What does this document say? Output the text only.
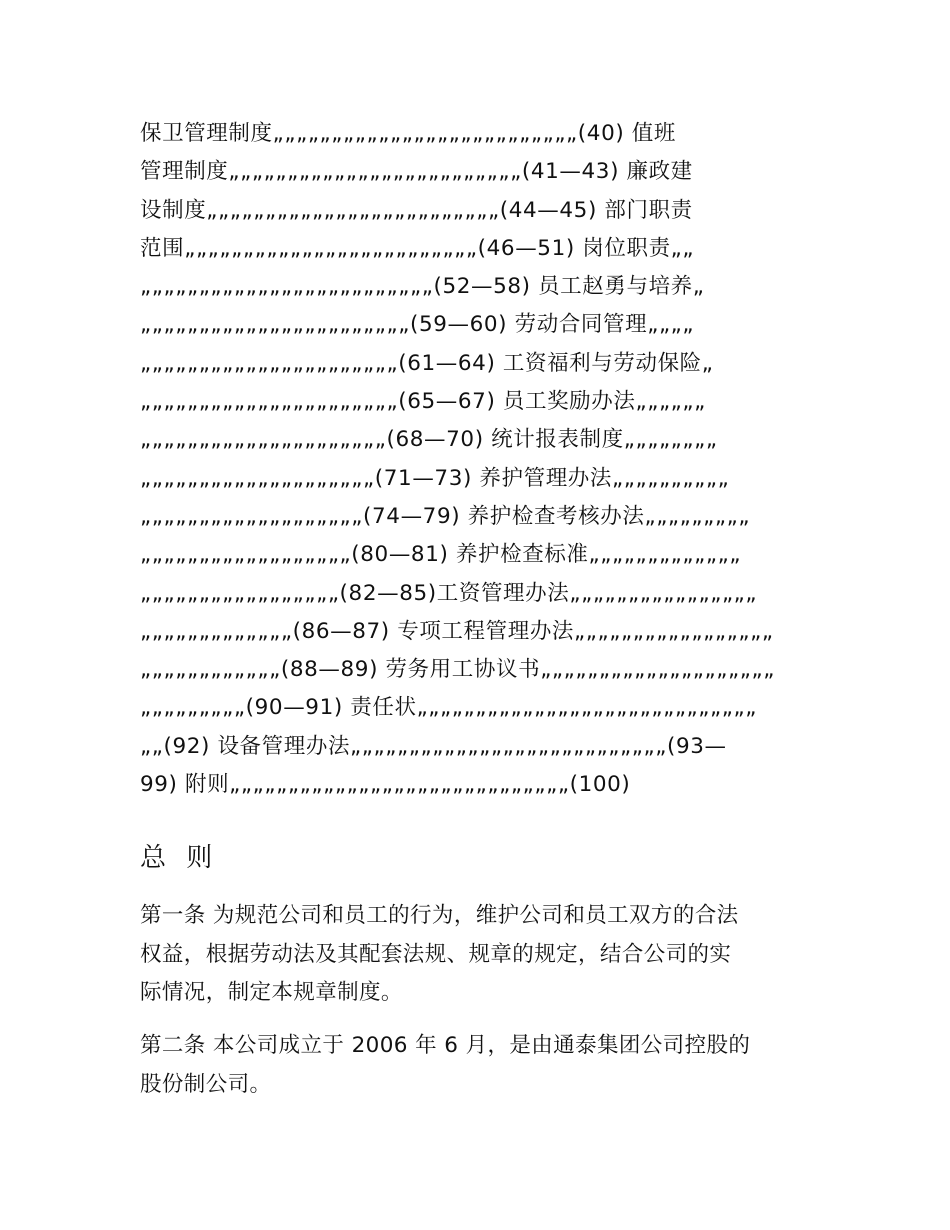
保卫管理制度„„„„„„„„„„„„„„„„„„„„„„„„„„(40) 值班
管理制度„„„„„„„„„„„„„„„„„„„„„„„„„(41—43) 廉政建
设制度„„„„„„„„„„„„„„„„„„„„„„„„„(44—45) 部门职责
范围„„„„„„„„„„„„„„„„„„„„„„„„„(46—51) 岗位职责„„
„„„„„„„„„„„„„„„„„„„„„„„„„(52—58) 员工赵勇与培养„
„„„„„„„„„„„„„„„„„„„„„„„(59—60) 劳动合同管理„„„„
„„„„„„„„„„„„„„„„„„„„„„(61—64) 工资福利与劳动保险„
„„„„„„„„„„„„„„„„„„„„„„(65—67) 员工奖励办法„„„„„„
„„„„„„„„„„„„„„„„„„„„„(68—70) 统计报表制度„„„„„„„„
„„„„„„„„„„„„„„„„„„„„(71—73) 养护管理办法„„„„„„„„„„
„„„„„„„„„„„„„„„„„„„(74—79) 养护检查考核办法„„„„„„„„„
„„„„„„„„„„„„„„„„„„(80—81) 养护检查标准„„„„„„„„„„„„„
„„„„„„„„„„„„„„„„„(82—85)工资管理办法„„„„„„„„„„„„„„„„
„„„„„„„„„„„„„(86—87) 专项工程管理办法„„„„„„„„„„„„„„„„„
„„„„„„„„„„„„(88—89) 劳务用工协议书„„„„„„„„„„„„„„„„„„„„
„„„„„„„„„(90—91) 责任状„„„„„„„„„„„„„„„„„„„„„„„„„„„„„
„„(92) 设备管理办法„„„„„„„„„„„„„„„„„„„„„„„„„„„(93—
99) 附则„„„„„„„„„„„„„„„„„„„„„„„„„„„„„(100)
总 则
第一条 为规范公司和员工的行为，维护公司和员工双方的合法
权益，根据劳动法及其配套法规、规章的规定，结合公司的实
际情况，制定本规章制度。
第二条 本公司成立于 2006 年 6 月，是由通泰集团公司控股的
股份制公司。
